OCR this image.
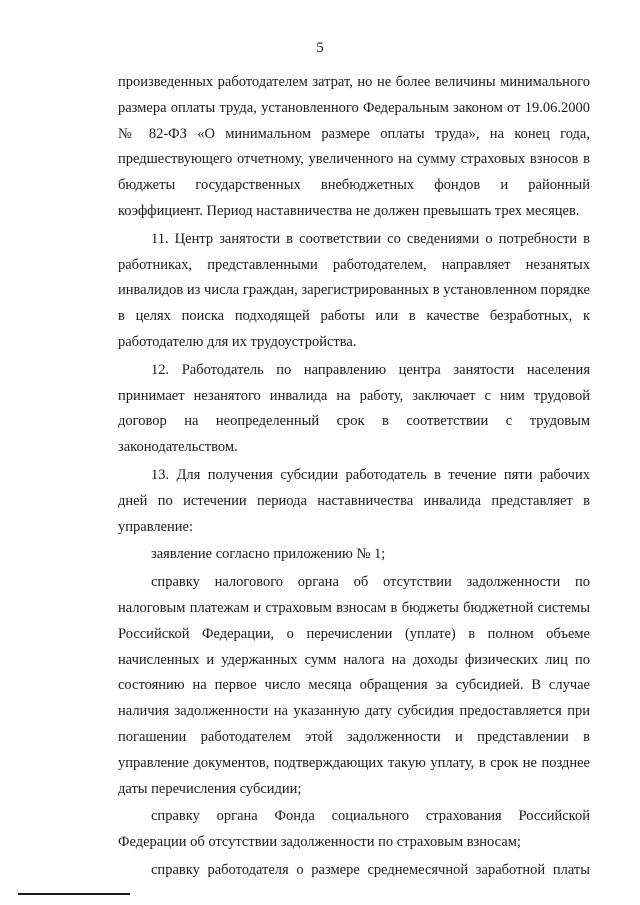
5

произведенных работодателем затрат, но не более величины минимального размера оплаты труда, установленного Федеральным законом от 19.06.2000 № 82-ФЗ «О минимальном размере оплаты труда», на конец года, предшествующего отчетному, увеличенного на сумму страховых взносов в бюджеты государственных внебюджетных фондов и районный коэффициент. Период наставничества не должен превышать трех месяцев.

11. Центр занятости в соответствии со сведениями о потребности в работниках, представленными работодателем, направляет незанятых инвалидов из числа граждан, зарегистрированных в установленном порядке в целях поиска подходящей работы или в качестве безработных, к работодателю для их трудоустройства.

12. Работодатель по направлению центра занятости населения принимает незанятого инвалида на работу, заключает с ним трудовой договор на неопределенный срок в соответствии с трудовым законодательством.

13. Для получения субсидии работодатель в течение пяти рабочих дней по истечении периода наставничества инвалида представляет в управление:

заявление согласно приложению № 1;

справку налогового органа об отсутствии задолженности по налоговым платежам и страховым взносам в бюджеты бюджетной системы Российской Федерации, о перечислении (уплате) в полном объеме начисленных и удержанных сумм налога на доходы физических лиц по состоянию на первое число месяца обращения за субсидией. В случае наличия задолженности на указанную дату субсидия предоставляется при погашении работодателем этой задолженности и представлении в управление документов, подтверждающих такую уплату, в срок не позднее даты перечисления субсидии;

справку органа Фонда социального страхования Российской Федерации об отсутствии задолженности по страховым взносам;

справку работодателя о размере среднемесячной заработной платы
